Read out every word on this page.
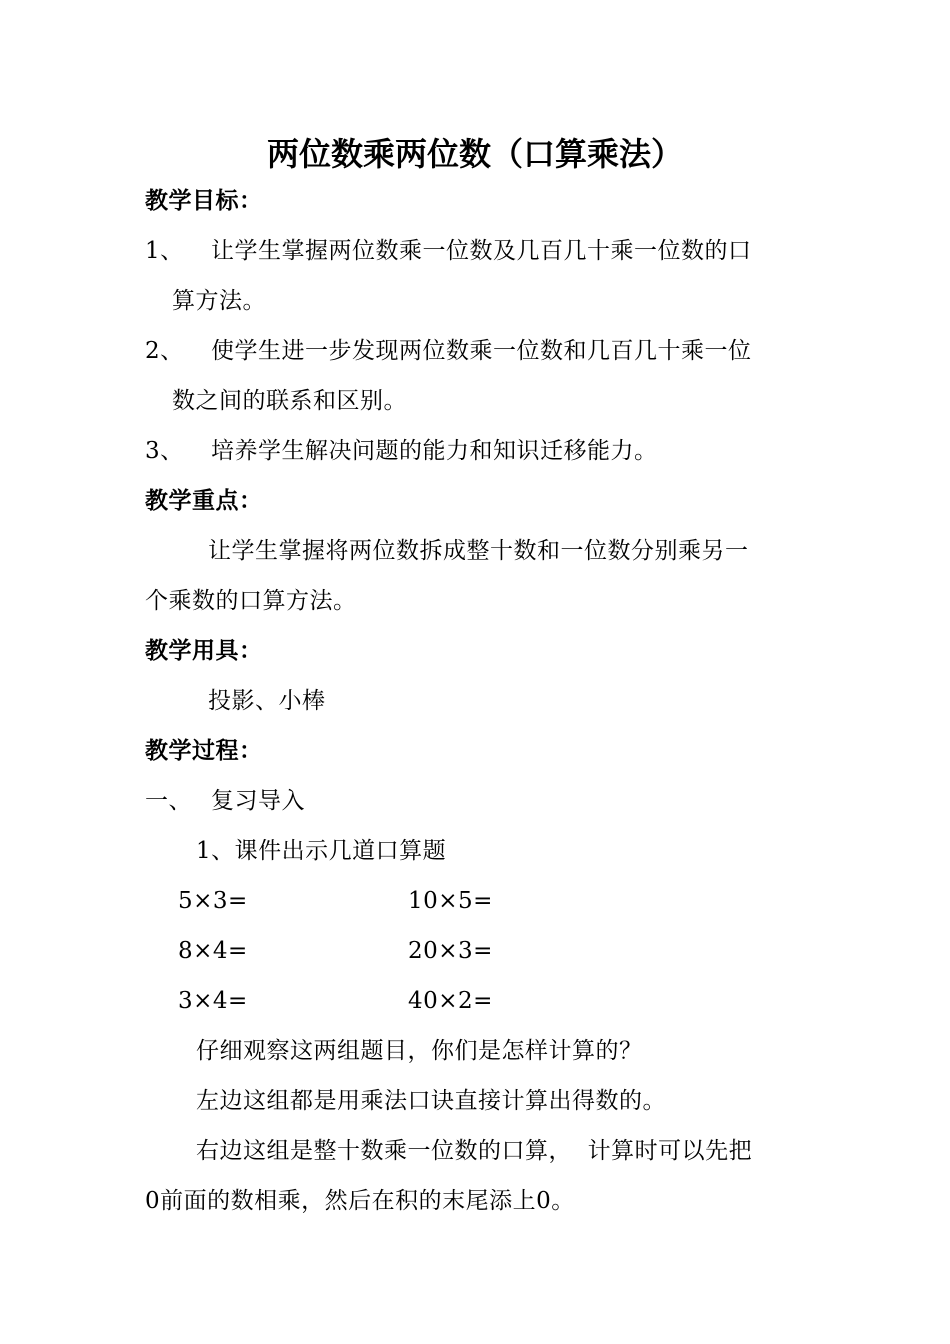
两位数乘两位数（口算乘法）
教学目标：
1、 让学生掌握两位数乘一位数及几百几十乘一位数的口
算方法。
2、 使学生进一步发现两位数乘一位数和几百几十乘一位
数之间的联系和区别。
3、 培养学生解决问题的能力和知识迁移能力。
教学重点：
让学生掌握将两位数拆成整十数和一位数分别乘另一
个乘数的口算方法。
教学用具：
投影、小棒
教学过程：
一、 复习导入
1、课件出示几道口算题
5×3=	10×5=
8×4=	20×3=
3×4=	40×2=
仔细观察这两组题目，你们是怎样计算的？
左边这组都是用乘法口诀直接计算出得数的。
右边这组是整十数乘一位数的口算，  计算时可以先把
0前面的数相乘，然后在积的末尾添上0。
